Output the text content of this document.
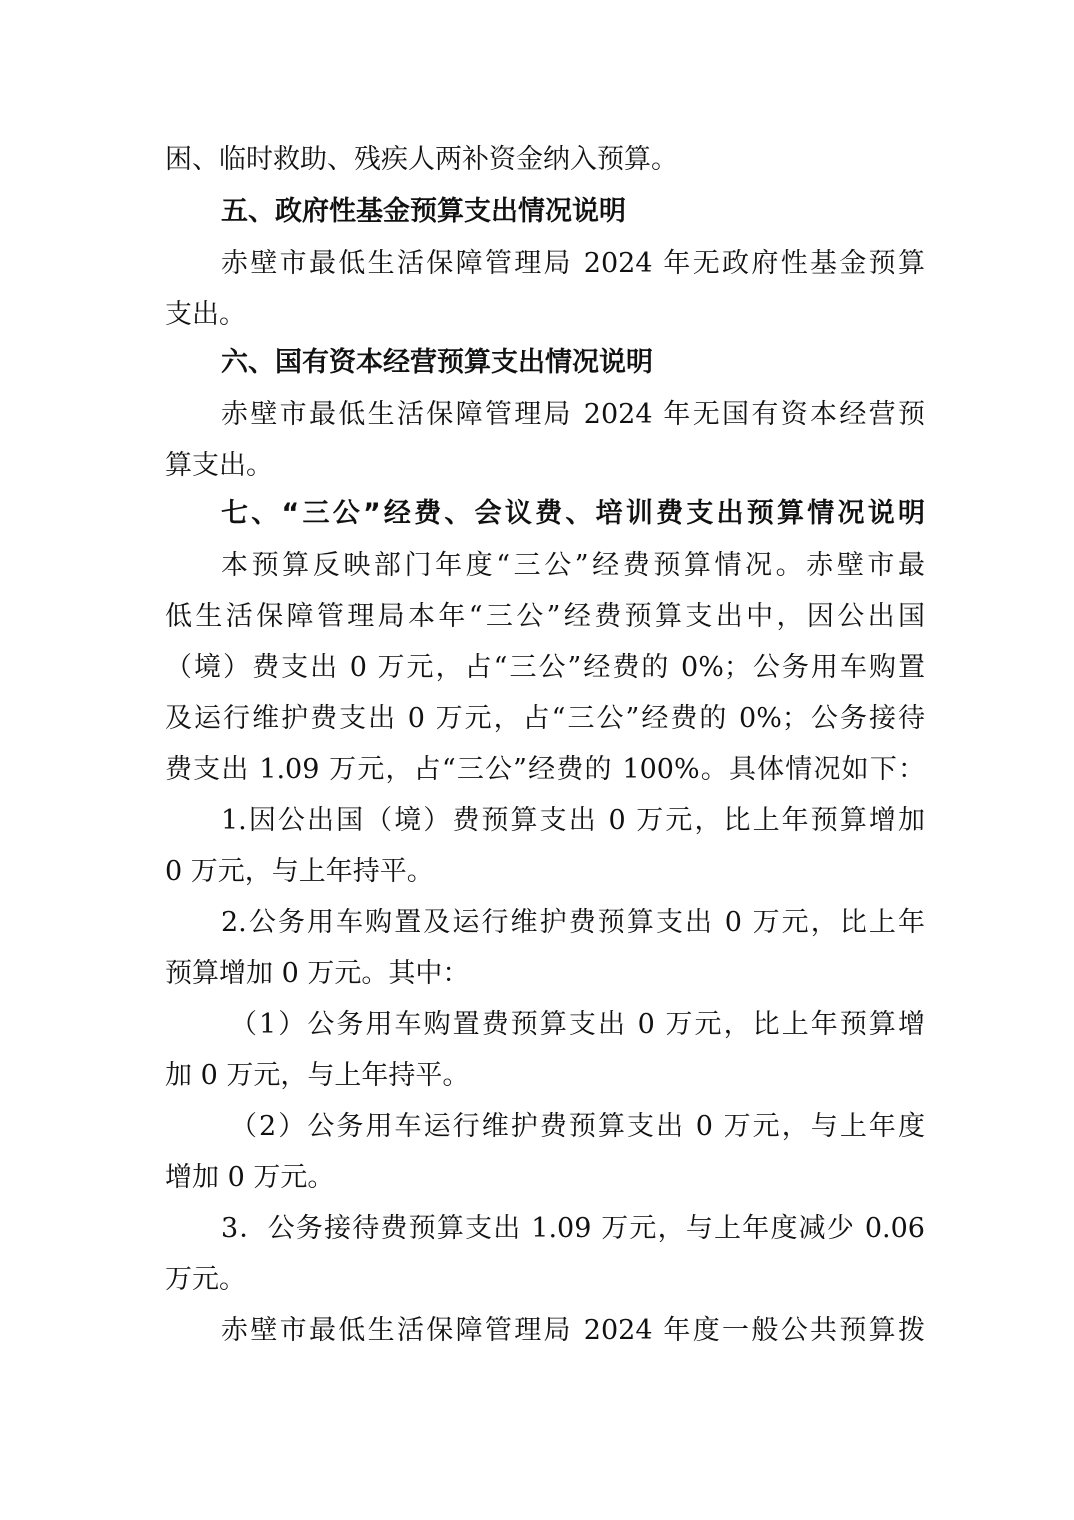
困、临时救助、残疾人两补资金纳入预算。
五、政府性基金预算支出情况说明
赤壁市最低生活保障管理局 2024 年无政府性基金预算
支出。
六、国有资本经营预算支出情况说明
赤壁市最低生活保障管理局 2024 年无国有资本经营预
算支出。
七、“三公”经费、会议费、培训费支出预算情况说明
本预算反映部门年度“三公”经费预算情况。赤壁市最
低生活保障管理局本年“三公”经费预算支出中，因公出国
（境）费支出 0 万元，占“三公”经费的 0%；公务用车购置
及运行维护费支出 0 万元，占“三公”经费的 0%；公务接待
费支出 1.09 万元，占“三公”经费的 100%。具体情况如下：
1.因公出国（境）费预算支出 0 万元，比上年预算增加
0 万元，与上年持平。
2.公务用车购置及运行维护费预算支出 0 万元，比上年
预算增加 0 万元。其中：
（1）公务用车购置费预算支出 0 万元，比上年预算增
加 0 万元，与上年持平。
（2）公务用车运行维护费预算支出 0 万元，与上年度
增加 0 万元。
3．公务接待费预算支出 1.09 万元，与上年度减少 0.06
万元。
赤壁市最低生活保障管理局 2024 年度一般公共预算拨
